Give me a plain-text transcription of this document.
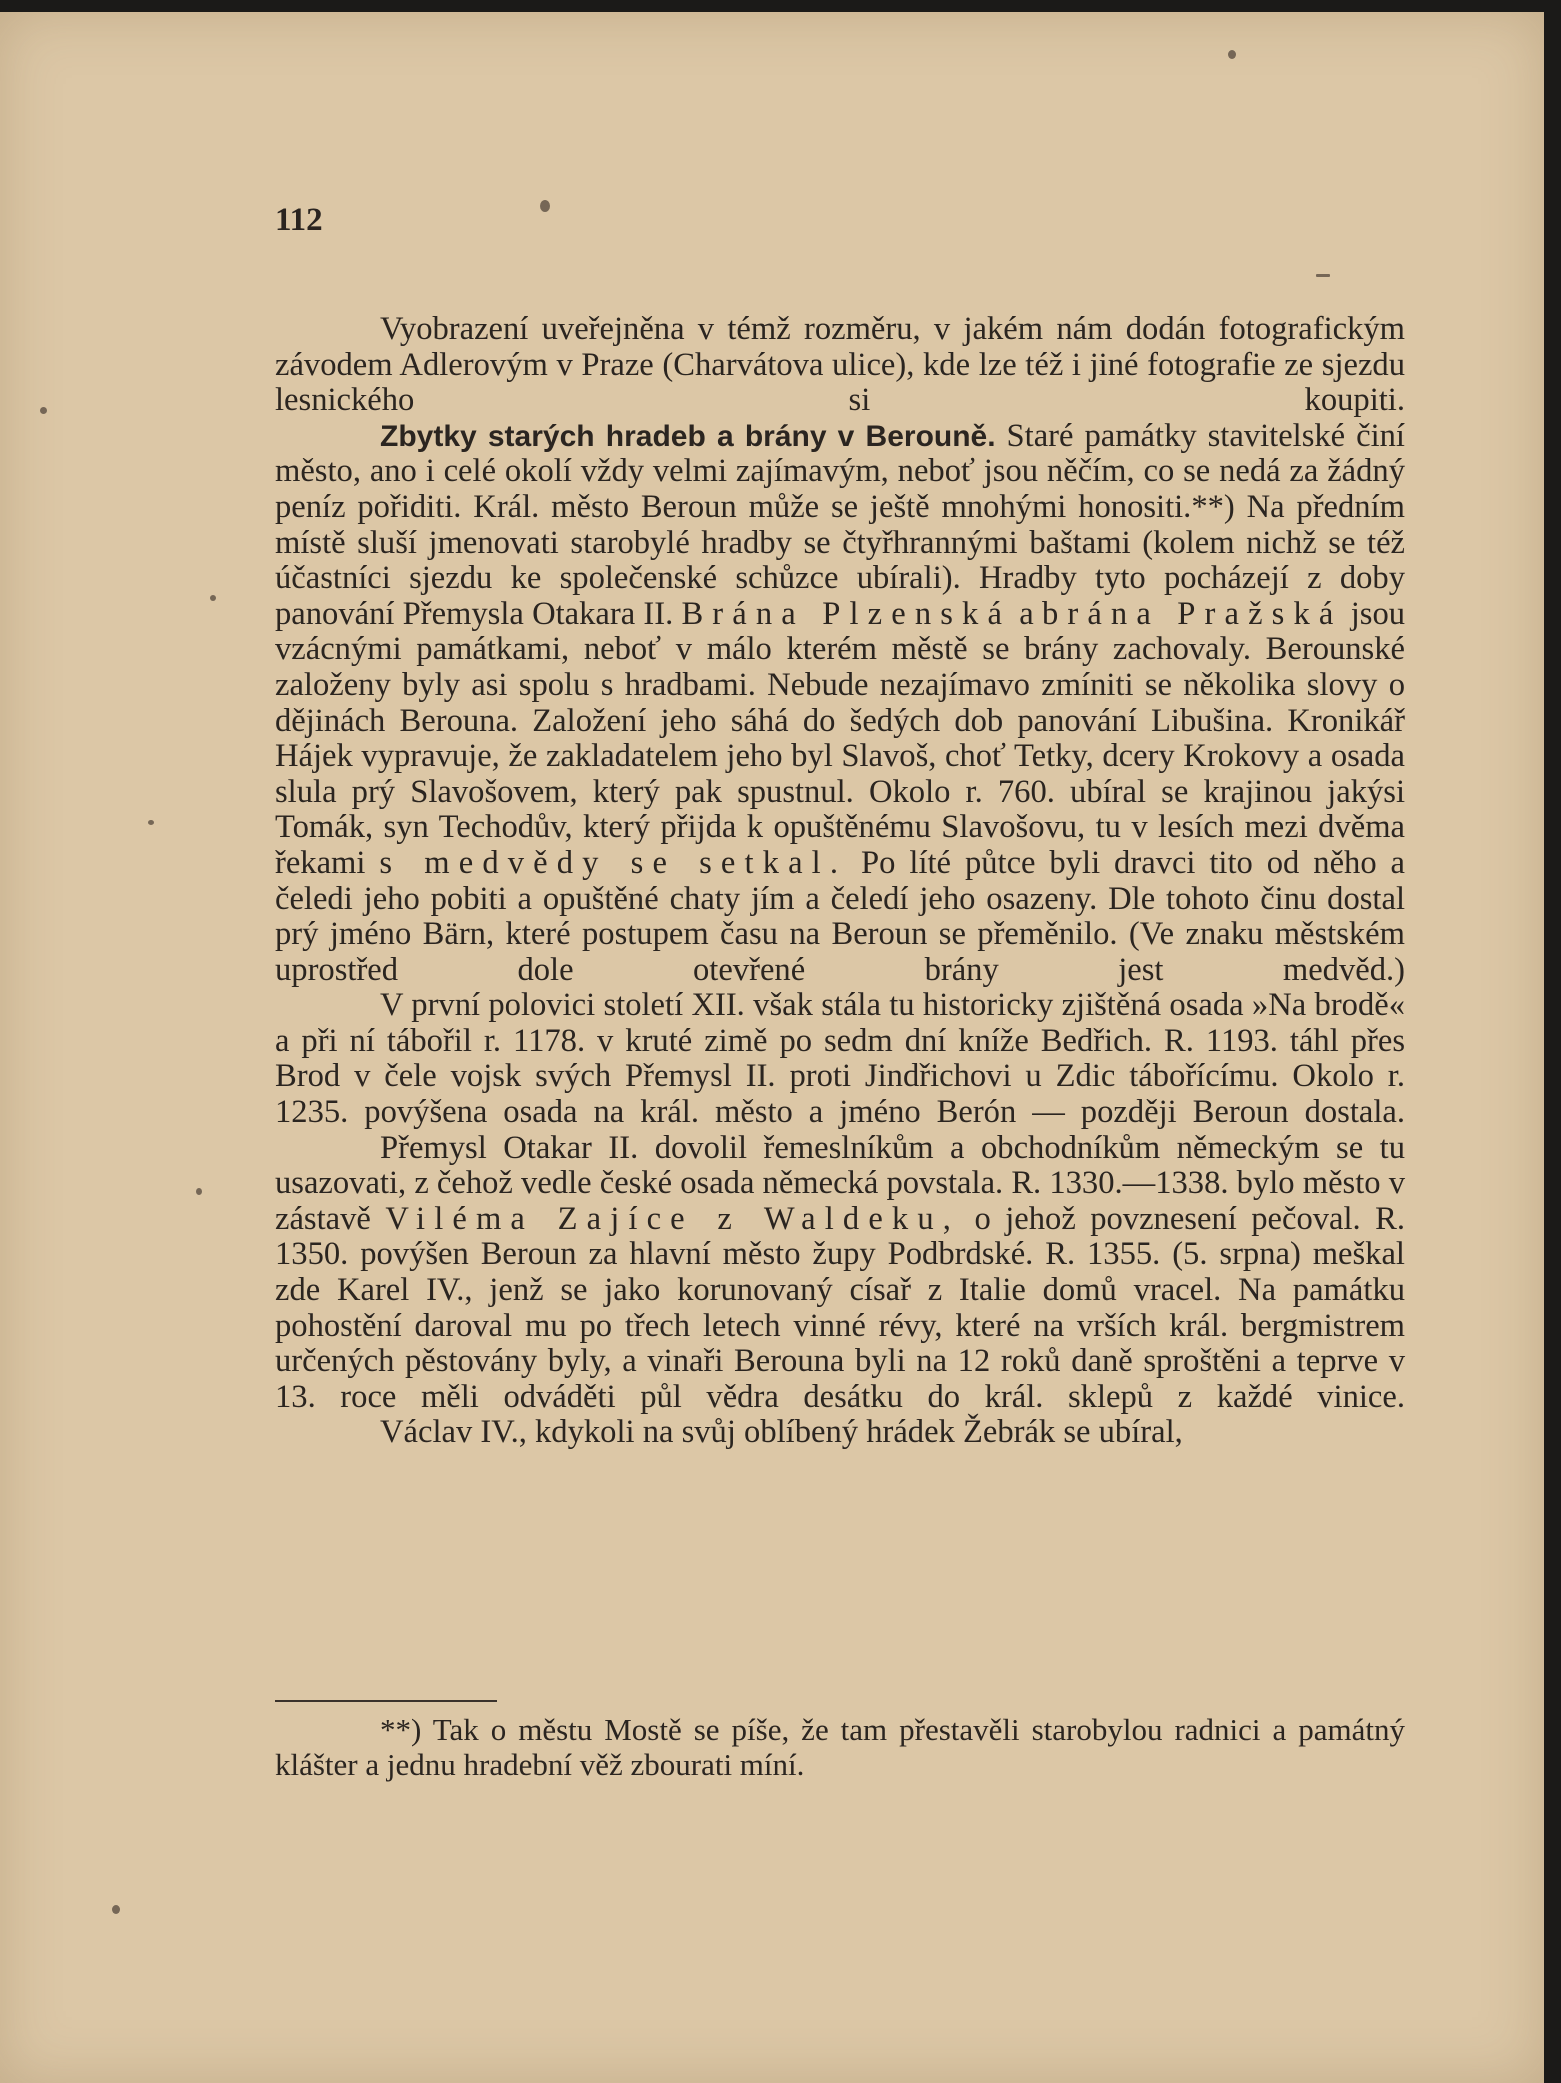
112

Vyobrazení uveřejněna v témž rozměru, v jakém nám dodán fotografickým závodem Adlerovým v Praze (Charvátova ulice), kde lze též i jiné fotografie ze sjezdu lesnického si koupiti.

Zbytky starých hradeb a brány v Berouně. Staré památky stavitelské činí město, ano i celé okolí vždy velmi zajímavým, neboť jsou něčím, co se nedá za žádný peníz pořiditi. Král. město Beroun může se ještě mnohými honositi.**) Na předním místě sluší jmenovati starobylé hradby se čtyřhrannými baštami (kolem nichž se též účastníci sjezdu ke společenské schůzce ubírali). Hradby tyto pocházejí z doby panování Přemysla Otakara II. Brána Plzenská a brána Pražská jsou vzácnými památkami, neboť v málo kterém městě se brány zachovaly. Berounské založeny byly asi spolu s hradbami. Nebude nezajímavo zmíniti se několika slovy o dějinách Berouna. Založení jeho sáhá do šedých dob panování Libušina. Kronikář Hájek vypravuje, že zakladatelem jeho byl Slavoš, choť Tetky, dcery Krokovy a osada slula prý Slavošovem, který pak spustnul. Okolo r. 760. ubíral se krajinou jakýsi Tomák, syn Techodův, který přijda k opuštěnému Slavošovu, tu v lesích mezi dvěma řekami s medvědy se setkal. Po líté půtce byli dravci tito od něho a čeledi jeho pobiti a opuštěné chaty jím a čeledí jeho osazeny. Dle tohoto činu dostal prý jméno Bärn, které postupem času na Beroun se přeměnilo. (Ve znaku městském uprostřed dole otevřené brány jest medvěd.)

V první polovici století XII. však stála tu historicky zjištěná osada »Na brodě« a při ní tábořil r. 1178. v kruté zimě po sedm dní kníže Bedřich. R. 1193. táhl přes Brod v čele vojsk svých Přemysl II. proti Jindřichovi u Zdic tábořícímu. Okolo r. 1235. povýšena osada na král. město a jméno Berón — později Beroun dostala.

Přemysl Otakar II. dovolil řemeslníkům a obchodníkům německým se tu usazovati, z čehož vedle české osada německá povstala. R. 1330.—1338. bylo město v zástavě Viléma Zajíce z Waldeku, o jehož povznesení pečoval. R. 1350. povýšen Beroun za hlavní město župy Podbrdské. R. 1355. (5. srpna) meškal zde Karel IV., jenž se jako korunovaný císař z Italie domů vracel. Na památku pohostění daroval mu po třech letech vinné révy, které na vrších král. bergmistrem určených pěstovány byly, a vinaři Berouna byli na 12 roků daně sproštěni a teprve v 13. roce měli odváděti půl vědra desátku do král. sklepů z každé vinice.

Václav IV., kdykoli na svůj oblíbený hrádek Žebrák se ubíral,

**) Tak o městu Mostě se píše, že tam přestavěli starobylou radnici a památný klášter a jednu hradební věž zbourati míní.
